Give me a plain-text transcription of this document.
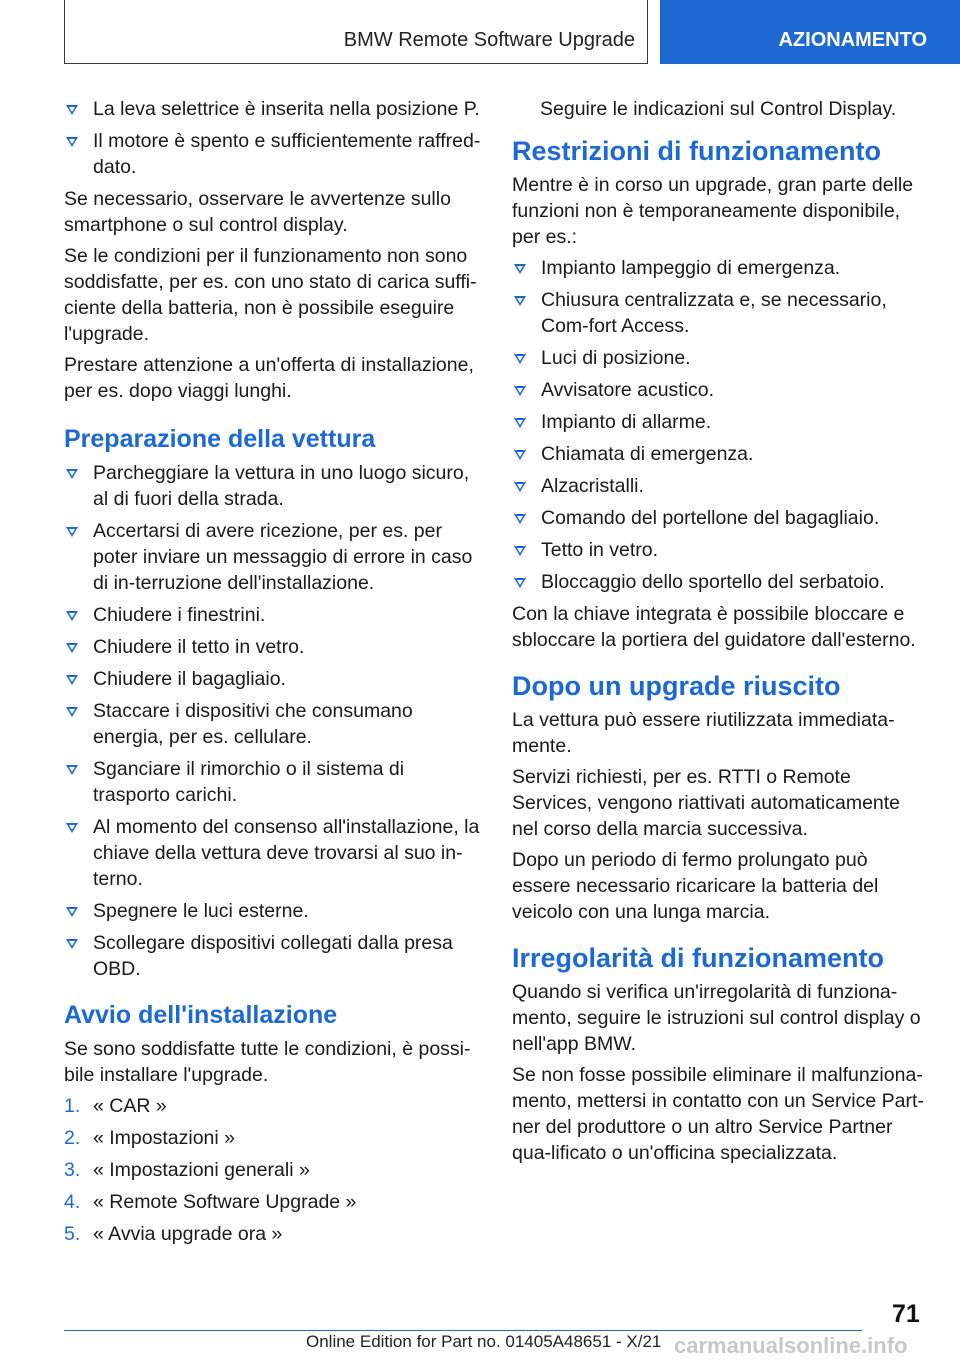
BMW Remote Software Upgrade	AZIONAMENTO
La leva selettrice è inserita nella posizione P.
Il motore è spento e sufficientemente raffred-dato.

Se necessario, osservare le avvertenze sullo smartphone o sul control display.

Se le condizioni per il funzionamento non sono soddisfatte, per es. con uno stato di carica suffi-ciente della batteria, non è possibile eseguire l'upgrade.

Prestare attenzione a un'offerta di installazione, per es. dopo viaggi lunghi.

Preparazione della vettura
Parcheggiare la vettura in uno luogo sicuro, al di fuori della strada.
Accertarsi di avere ricezione, per es. per poter inviare un messaggio di errore in caso di in-terruzione dell'installazione.
Chiudere i finestrini.
Chiudere il tetto in vetro.
Chiudere il bagagliaio.
Staccare i dispositivi che consumano energia, per es. cellulare.
Sganciare il rimorchio o il sistema di trasporto carichi.
Al momento del consenso all'installazione, la chiave della vettura deve trovarsi al suo in-terno.
Spegnere le luci esterne.
Scollegare dispositivi collegati dalla presa OBD.
Avvio dell'installazione

Se sono soddisfatte tutte le condizioni, è possi-bile installare l'upgrade.

1. « CAR »
2. « Impostazioni »
3. « Impostazioni generali »
4. « Remote Software Upgrade »
5. « Avvia upgrade ora »

Seguire le indicazioni sul Control Display.

Restrizioni di funzionamento

Mentre è in corso un upgrade, gran parte delle funzioni non è temporaneamente disponibile, per es.:

Impianto lampeggio di emergenza.
Chiusura centralizzata e, se necessario, Com-fort Access.
Luci di posizione.
Avvisatore acustico.
Impianto di allarme.
Chiamata di emergenza.
Alzacristalli.
Comando del portellone del bagagliaio.
Tetto in vetro.
Bloccaggio dello sportello del serbatoio.

Con la chiave integrata è possibile bloccare e sbloccare la portiera del guidatore dall'esterno.

Dopo un upgrade riuscito

La vettura può essere riutilizzata immediata-mente.

Servizi richiesti, per es. RTTI o Remote Services, vengono riattivati automaticamente nel corso della marcia successiva.

Dopo un periodo di fermo prolungato può essere necessario ricaricare la batteria del veicolo con una lunga marcia.

Irregolarità di funzionamento

Quando si verifica un'irregolarità di funziona-mento, seguire le istruzioni sul control display o nell'app BMW.

Se non fosse possibile eliminare il malfunziona-mento, mettersi in contatto con un Service Part-ner del produttore o un altro Service Partner qua-lificato o un'officina specializzata.

71
Online Edition for Part no. 01405A48651 - X/21 carmanualsonline.info
